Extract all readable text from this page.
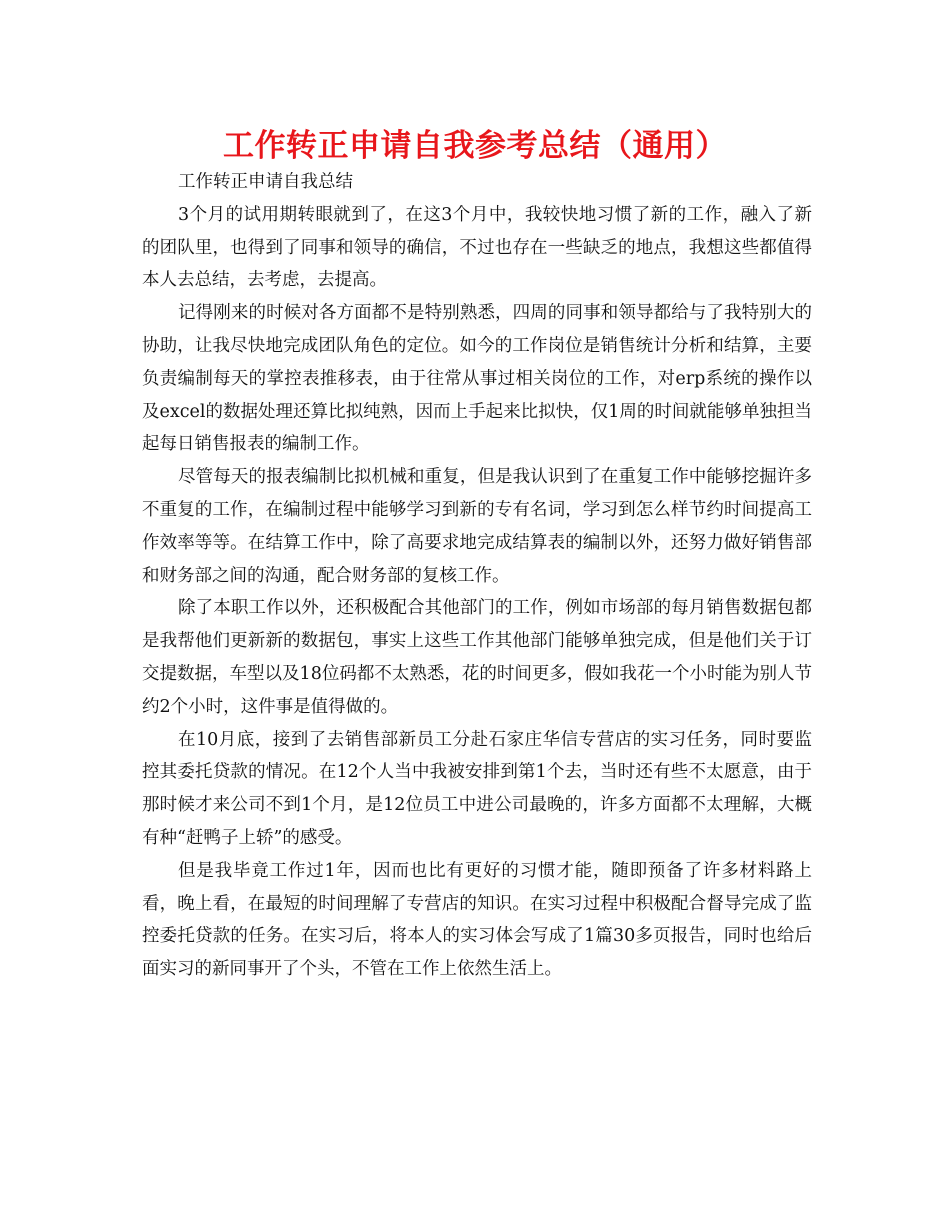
工作转正申请自我参考总结（通用）

工作转正申请自我总结

3个月的试用期转眼就到了，在这3个月中，我较快地习惯了新的工作，融入了新的团队里，也得到了同事和领导的确信，不过也存在一些缺乏的地点，我想这些都值得本人去总结，去考虑，去提高。

记得刚来的时候对各方面都不是特别熟悉，四周的同事和领导都给与了我特别大的协助，让我尽快地完成团队角色的定位。如今的工作岗位是销售统计分析和结算，主要负责编制每天的掌控表推移表，由于往常从事过相关岗位的工作，对erp系统的操作以及excel的数据处理还算比拟纯熟，因而上手起来比拟快，仅1周的时间就能够单独担当起每日销售报表的编制工作。

尽管每天的报表编制比拟机械和重复，但是我认识到了在重复工作中能够挖掘许多不重复的工作，在编制过程中能够学习到新的专有名词，学习到怎么样节约时间提高工作效率等等。在结算工作中，除了高要求地完成结算表的编制以外，还努力做好销售部和财务部之间的沟通，配合财务部的复核工作。

除了本职工作以外，还积极配合其他部门的工作，例如市场部的每月销售数据包都是我帮他们更新新的数据包，事实上这些工作其他部门能够单独完成，但是他们关于订交提数据，车型以及18位码都不太熟悉，花的时间更多，假如我花一个小时能为别人节约2个小时，这件事是值得做的。

在10月底，接到了去销售部新员工分赴石家庄华信专营店的实习任务，同时要监控其委托贷款的情况。在12个人当中我被安排到第1个去，当时还有些不太愿意，由于那时候才来公司不到1个月，是12位员工中进公司最晚的，许多方面都不太理解，大概有种“赶鸭子上轿”的感受。

但是我毕竟工作过1年，因而也比有更好的习惯才能，随即预备了许多材料路上看，晚上看，在最短的时间理解了专营店的知识。在实习过程中积极配合督导完成了监控委托贷款的任务。在实习后，将本人的实习体会写成了1篇30多页报告，同时也给后面实习的新同事开了个头，不管在工作上依然生活上。
